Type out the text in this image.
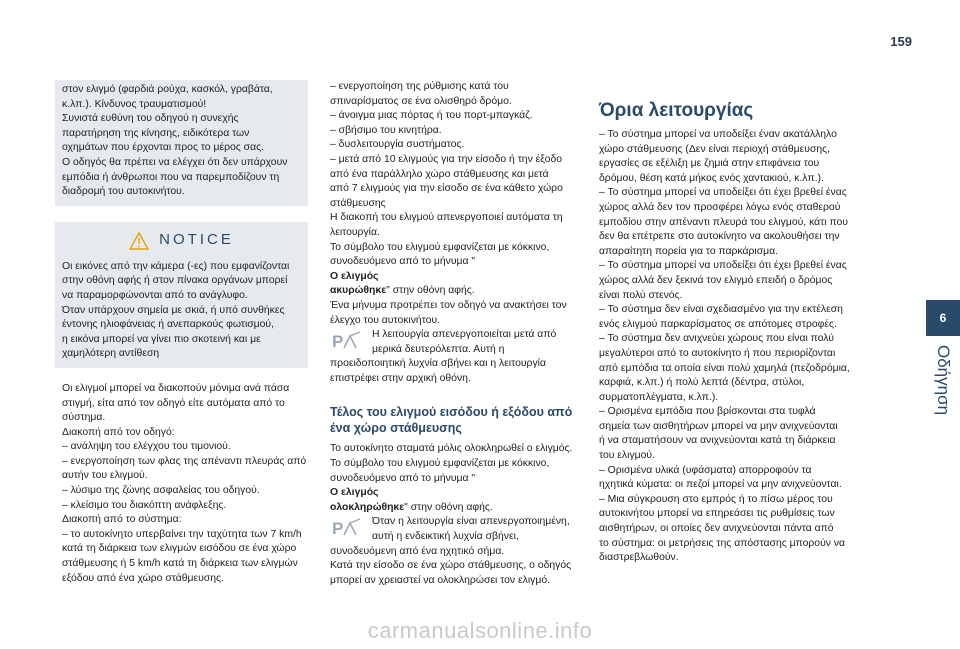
159
6
Οδήγηση

στον ελιγμό (φαρδιά ρούχα, κασκόλ, γραβάτα,

κ.λπ.). Κίνδυνος τραυματισμού!

Συνιστά ευθύνη του οδηγού η συνεχής

παρατήρηση της κίνησης, ειδικότερα των

οχημάτων που έρχονται προς το μέρος σας.

Ο οδηγός θα πρέπει να ελέγχει ότι δεν υπάρχουν

εμπόδια ή άνθρωποι που να παρεμποδίζουν τη

διαδρομή του αυτοκινήτου.

NOTICE

Οι εικόνες από την κάμερα (-ες) που εμφανίζονται

στην οθόνη αφής ή στον πίνακα οργάνων μπορεί

να παραμορφώνονται από το ανάγλυφο.

Όταν υπάρχουν σημεία με σκιά, ή υπό συνθήκες

έντονης ηλιοφάνειας ή ανεπαρκούς φωτισμού,

η εικόνα μπορεί να γίνει πιο σκοτεινή και με

χαμηλότερη αντίθεση

Οι ελιγμοί μπορεί να διακοπούν μόνιμα ανά πάσα

στιγμή, είτα από τον οδηγό είτε αυτόματα από το

σύστημα.

Διακοπή από τον οδηγό:

– ανάληψη του ελέγχου του τιμονιού.

– ενεργοποίηση των φλας της απέναντι πλευράς από

αυτήν του ελιγμού.

– λύσιμο της ζώνης ασφαλείας του οδηγού.

– κλείσιμο του διακόπτη ανάφλεξης.

Διακοπή από το σύστημα:

– το αυτοκίνητο υπερβαίνει την ταχύτητα των 7 km/h

κατά τη διάρκεια των ελιγμών εισόδου σε ένα χώρο

στάθμευσης ή 5 km/h κατά τη διάρκεια των ελιγμών

εξόδου από ένα χώρο στάθμευσης.

– ενεργοποίηση της ρύθμισης κατά του

σπιναρίσματος σε ένα ολισθηρό δρόμο.

– άνοιγμα μιας πόρτας ή του πορτ-μπαγκάζ.

– σβήσιμο του κινητήρα.

– δυσλειτουργία συστήματος.

– μετά από 10 ελιγμούς για την είσοδο ή την έξοδο

από ένα παράλληλο χώρο στάθμευσης και μετά

από 7 ελιγμούς για την είσοδο σε ένα κάθετο χώρο

στάθμευσης

Η διακοπή του ελιγμού απενεργοποιεί αυτόματα τη

λειτουργία.

Το σύμβολο του ελιγμού εμφανίζεται με κόκκινο,

συνοδευόμενο από το μήνυμα "

Ο ελιγμός

ακυρώθηκε" στην οθόνη αφής.

Ένα μήνυμα προτρέπει τον οδηγό να ανακτήσει τον

έλεγχο του αυτοκινήτου.

P	Η λειτουργία απενεργοποιείται μετά από μερικά δευτερόλεπτα. Αυτή η προειδοποιητική λυχνία σβήνει και η λειτουργία επιστρέφει στην αρχική οθόνη.

Τέλος του ελιγμού εισόδου ή εξόδου από ένα χώρο στάθμευσης

Το αυτοκίνητο σταματά μόλις ολοκληρωθεί ο ελιγμός.

Το σύμβολο του ελιγμού εμφανίζεται με κόκκινο,

συνοδευόμενο από το μήνυμα "

Ο ελιγμός

ολοκληρώθηκε" στην οθόνη αφής.

P	Όταν η λειτουργία είναι απενεργοποιημένη, αυτή η ενδεικτική λυχνία σβήνει, συνοδευόμενη από ένα ηχητικό σήμα.

Κατά την είσοδο σε ένα χώρο στάθμευσης, ο οδηγός

μπορεί αν χρειαστεί να ολοκληρώσει τον ελιγμό.

Όρια λειτουργίας

– Το σύστημα μπορεί να υποδείξει έναν ακατάλληλο

χώρο στάθμευσης (Δεν είναι περιοχή στάθμευσης,

εργασίες σε εξέλιξη με ζημιά στην επιφάνεια του

δρόμου, θέση κατά μήκος ενός χαντακιού, κ.λπ.).

– Το σύστημα μπορεί να υποδείξει ότι έχει βρεθεί ένας

χώρος αλλά δεν τον προσφέρει λόγω ενός σταθερού

εμποδίου στην απέναντι πλευρά του ελιγμού, κάτι που

δεν θα επέτρεπε στο αυτοκίνητο να ακολουθήσει την

απαραίτητη πορεία για το παρκάρισμα.

– Το σύστημα μπορεί να υποδείξει ότι έχει βρεθεί ένας

χώρος αλλά δεν ξεκινά τον ελιγμό επειδή ο δρόμος

είναι πολύ στενός.

– Το σύστημα δεν είναι σχεδιασμένο για την εκτέλεση

ενός ελιγμού παρκαρίσματος σε απότομες στροφές.

– Το σύστημα δεν ανιχνεύει χώρους που είναι πολύ

μεγαλύτεροι από το αυτοκίνητο ή που περιορίζονται

από εμπόδια τα οποία είναι πολύ χαμηλά (πεζοδρόμια,

καρφιά, κ.λπ.) ή πολύ λεπτά (δέντρα, στύλοι,

συρματοπλέγματα, κ.λπ.).

– Ορισμένα εμπόδια που βρίσκονται στα τυφλά

σημεία των αισθητήρων μπορεί να μην ανιχνεύονται

ή να σταματήσουν να ανιχνεύονται κατά τη διάρκεια

του ελιγμού.

– Ορισμένα υλικά (υφάσματα) απορροφούν τα

ηχητικά κύματα: οι πεζοί μπορεί να μην ανιχνεύονται.

– Μια σύγκρουση στο εμπρός ή το πίσω μέρος του

αυτοκινήτου μπορεί να επηρεάσει τις ρυθμίσεις των

αισθητήρων, οι οποίες δεν ανιχνεύονται πάντα από

το σύστημα: οι μετρήσεις της απόστασης μπορούν να

διαστρεβλωθούν.

carmanualsonline.info
